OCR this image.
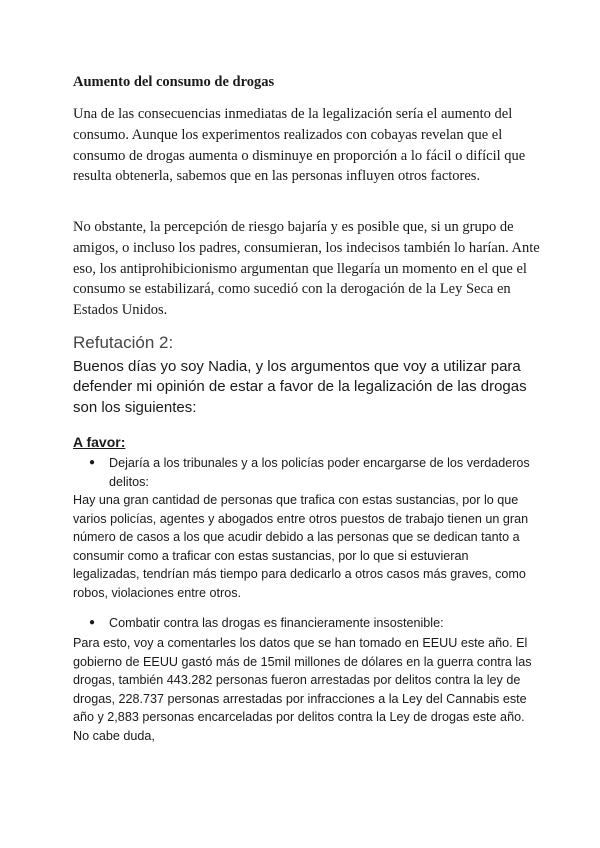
Aumento del consumo de drogas

Una de las consecuencias inmediatas de la legalización sería el aumento del consumo. Aunque los experimentos realizados con cobayas revelan que el consumo de drogas aumenta o disminuye en proporción a lo fácil o difícil que resulta obtenerla, sabemos que en las personas influyen otros factores.

No obstante, la percepción de riesgo bajaría y es posible que, si un grupo de amigos, o incluso los padres, consumieran, los indecisos también lo harían. Ante eso, los antiprohibicionismo argumentan que llegaría un momento en el que el consumo se estabilizará, como sucedió con la derogación de la Ley Seca en Estados Unidos.

Refutación 2:

Buenos días yo soy Nadia, y los argumentos que voy a utilizar para defender mi opinión de estar a favor de la legalización de las drogas son los siguientes:

A favor:

● Dejaría a los tribunales y a los policías poder encargarse de los verdaderos delitos:

Hay una gran cantidad de personas que trafica con estas sustancias, por lo que varios policías, agentes y abogados entre otros puestos de trabajo tienen un gran número de casos a los que acudir debido a las personas que se dedican tanto a consumir como a traficar con estas sustancias, por lo que si estuvieran legalizadas, tendrían más tiempo para dedicarlo a otros casos más graves, como robos, violaciones entre otros.

● Combatir contra las drogas es financieramente insostenible:

Para esto, voy a comentarles los datos que se han tomado en EEUU este año. El gobierno de EEUU gastó más de 15mil millones de dólares en la guerra contra las drogas, también 443.282 personas fueron arrestadas por delitos contra la ley de drogas, 228.737 personas arrestadas por infracciones a la Ley del Cannabis este año y 2,883 personas encarceladas por delitos contra la Ley de drogas este año. No cabe duda,
